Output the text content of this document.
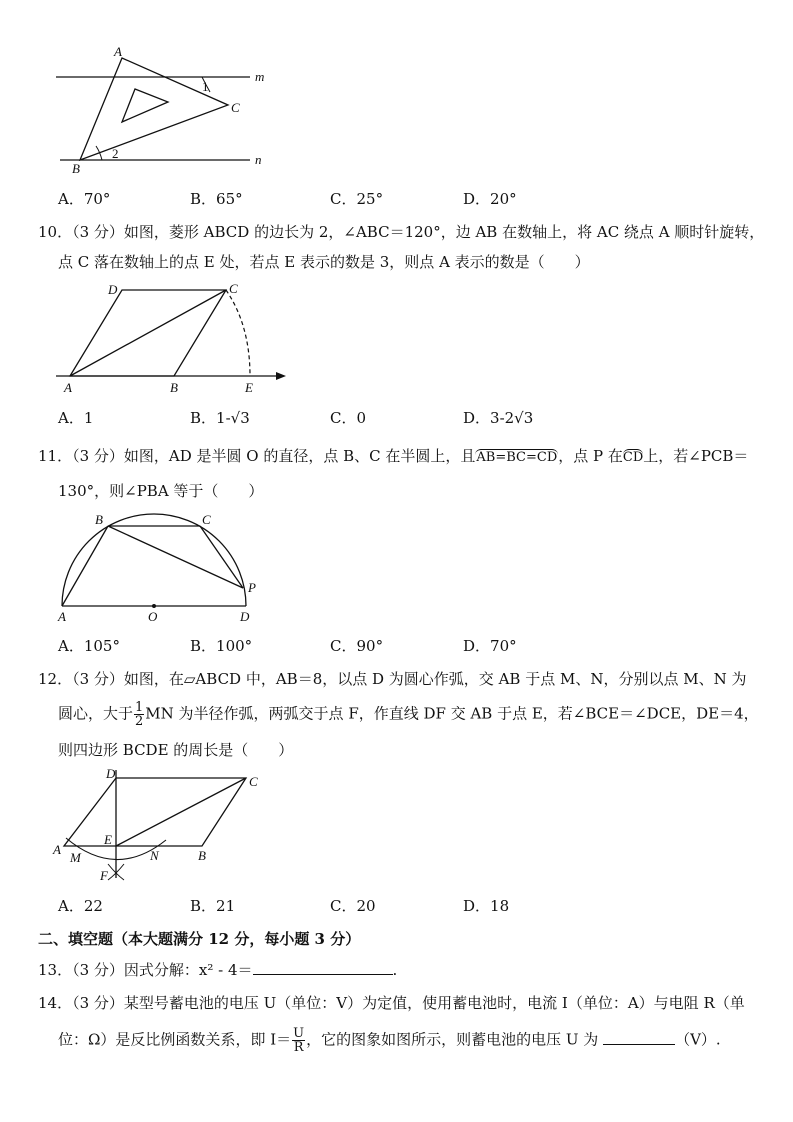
A
B
C
m
n
1
2
A．70°	B．65°	C．25°	D．20°
10．（3 分）如图，菱形 ABCD 的边长为 2，∠ABC＝120°，边 AB 在数轴上，将 AC 绕点 A 顺时针旋转，
点 C 落在数轴上的点 E 处，若点 E 表示的数是 3，则点 A 表示的数是（　　）
D	C
A	B	E
A．1	B．1-√3	C．0	D．3-2√3
11．（3 分）如图，AD 是半圆 O 的直径，点 B、C 在半圆上，且AB=BC=CD，点 P 在CD上，若∠PCB＝
130°，则∠PBA 等于（　　）
B	C
P
A	O	D
A．105°	B．100°	C．90°	D．70°
12．（3 分）如图，在▱ABCD 中，AB＝8，以点 D 为圆心作弧，交 AB 于点 M、N，分别以点 M、N 为
圆心，大于 $\frac{1}{2}$ MN 为半径作弧，两弧交于点 F，作直线 DF 交 AB 于点 E，若∠BCE＝∠DCE，DE＝4，
则四边形 BCDE 的周长是（　　）
D
C
A
M
E
N	B
F
A．22	B．21	C．20	D．18
二、填空题（本大题满分 12 分，每小题 3 分）
13．（3 分）因式分解：x² - 4＝	.
14．（3 分）某型号蓄电池的电压 U（单位：V）为定值，使用蓄电池时，电流 I（单位：A）与电阻 R（单
位：Ω）是反比例函数关系，即 $I= \frac{U}{R}$ ，它的图象如图所示，则蓄电池的电压 U 为	（V）.
